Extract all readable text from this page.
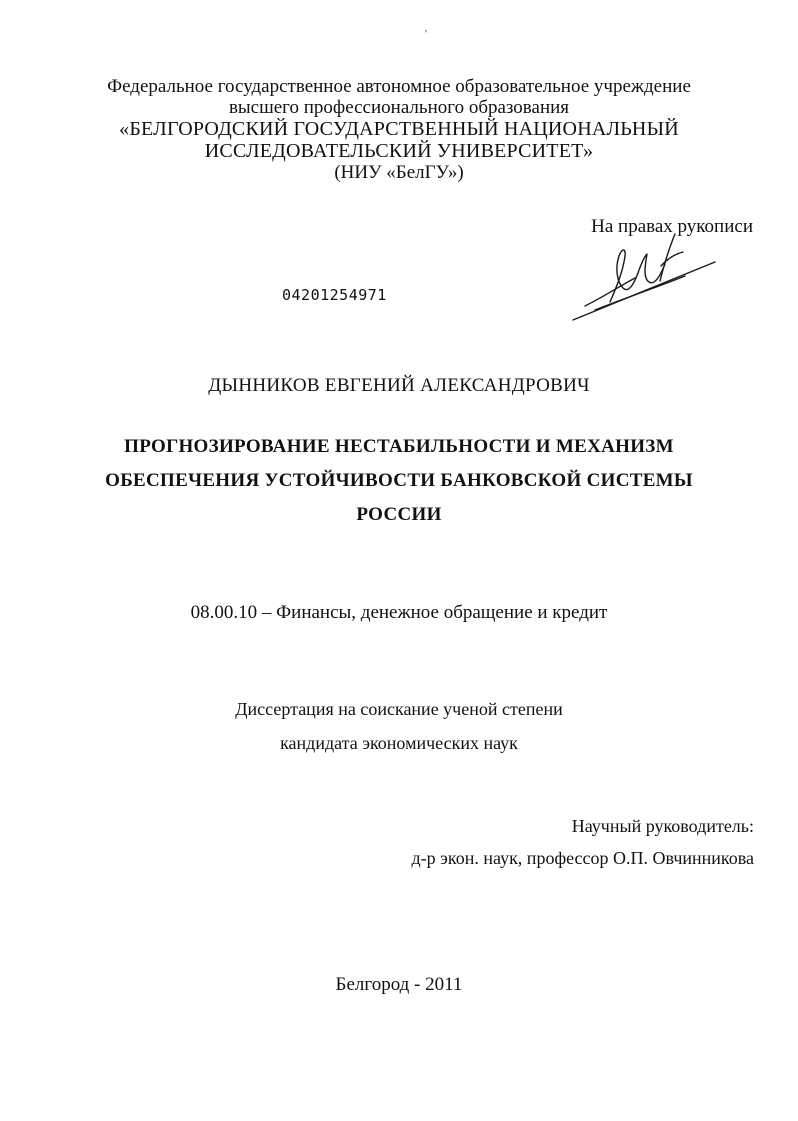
'
Федеральное государственное автономное образовательное учреждение
высшего профессионального образования
«БЕЛГОРОДСКИЙ ГОСУДАРСТВЕННЫЙ НАЦИОНАЛЬНЫЙ
ИССЛЕДОВАТЕЛЬСКИЙ УНИВЕРСИТЕТ»
(НИУ «БелГУ»)
На правах рукописи
04201254971
ДЫННИКОВ ЕВГЕНИЙ АЛЕКСАНДРОВИЧ
ПРОГНОЗИРОВАНИЕ НЕСТАБИЛЬНОСТИ И МЕХАНИЗМ
ОБЕСПЕЧЕНИЯ УСТОЙЧИВОСТИ БАНКОВСКОЙ СИСТЕМЫ
РОССИИ
08.00.10 – Финансы, денежное обращение и кредит
Диссертация на соискание ученой степени
кандидата экономических наук
Научный руководитель:
д-р экон. наук, профессор О.П. Овчинникова
Белгород - 2011
